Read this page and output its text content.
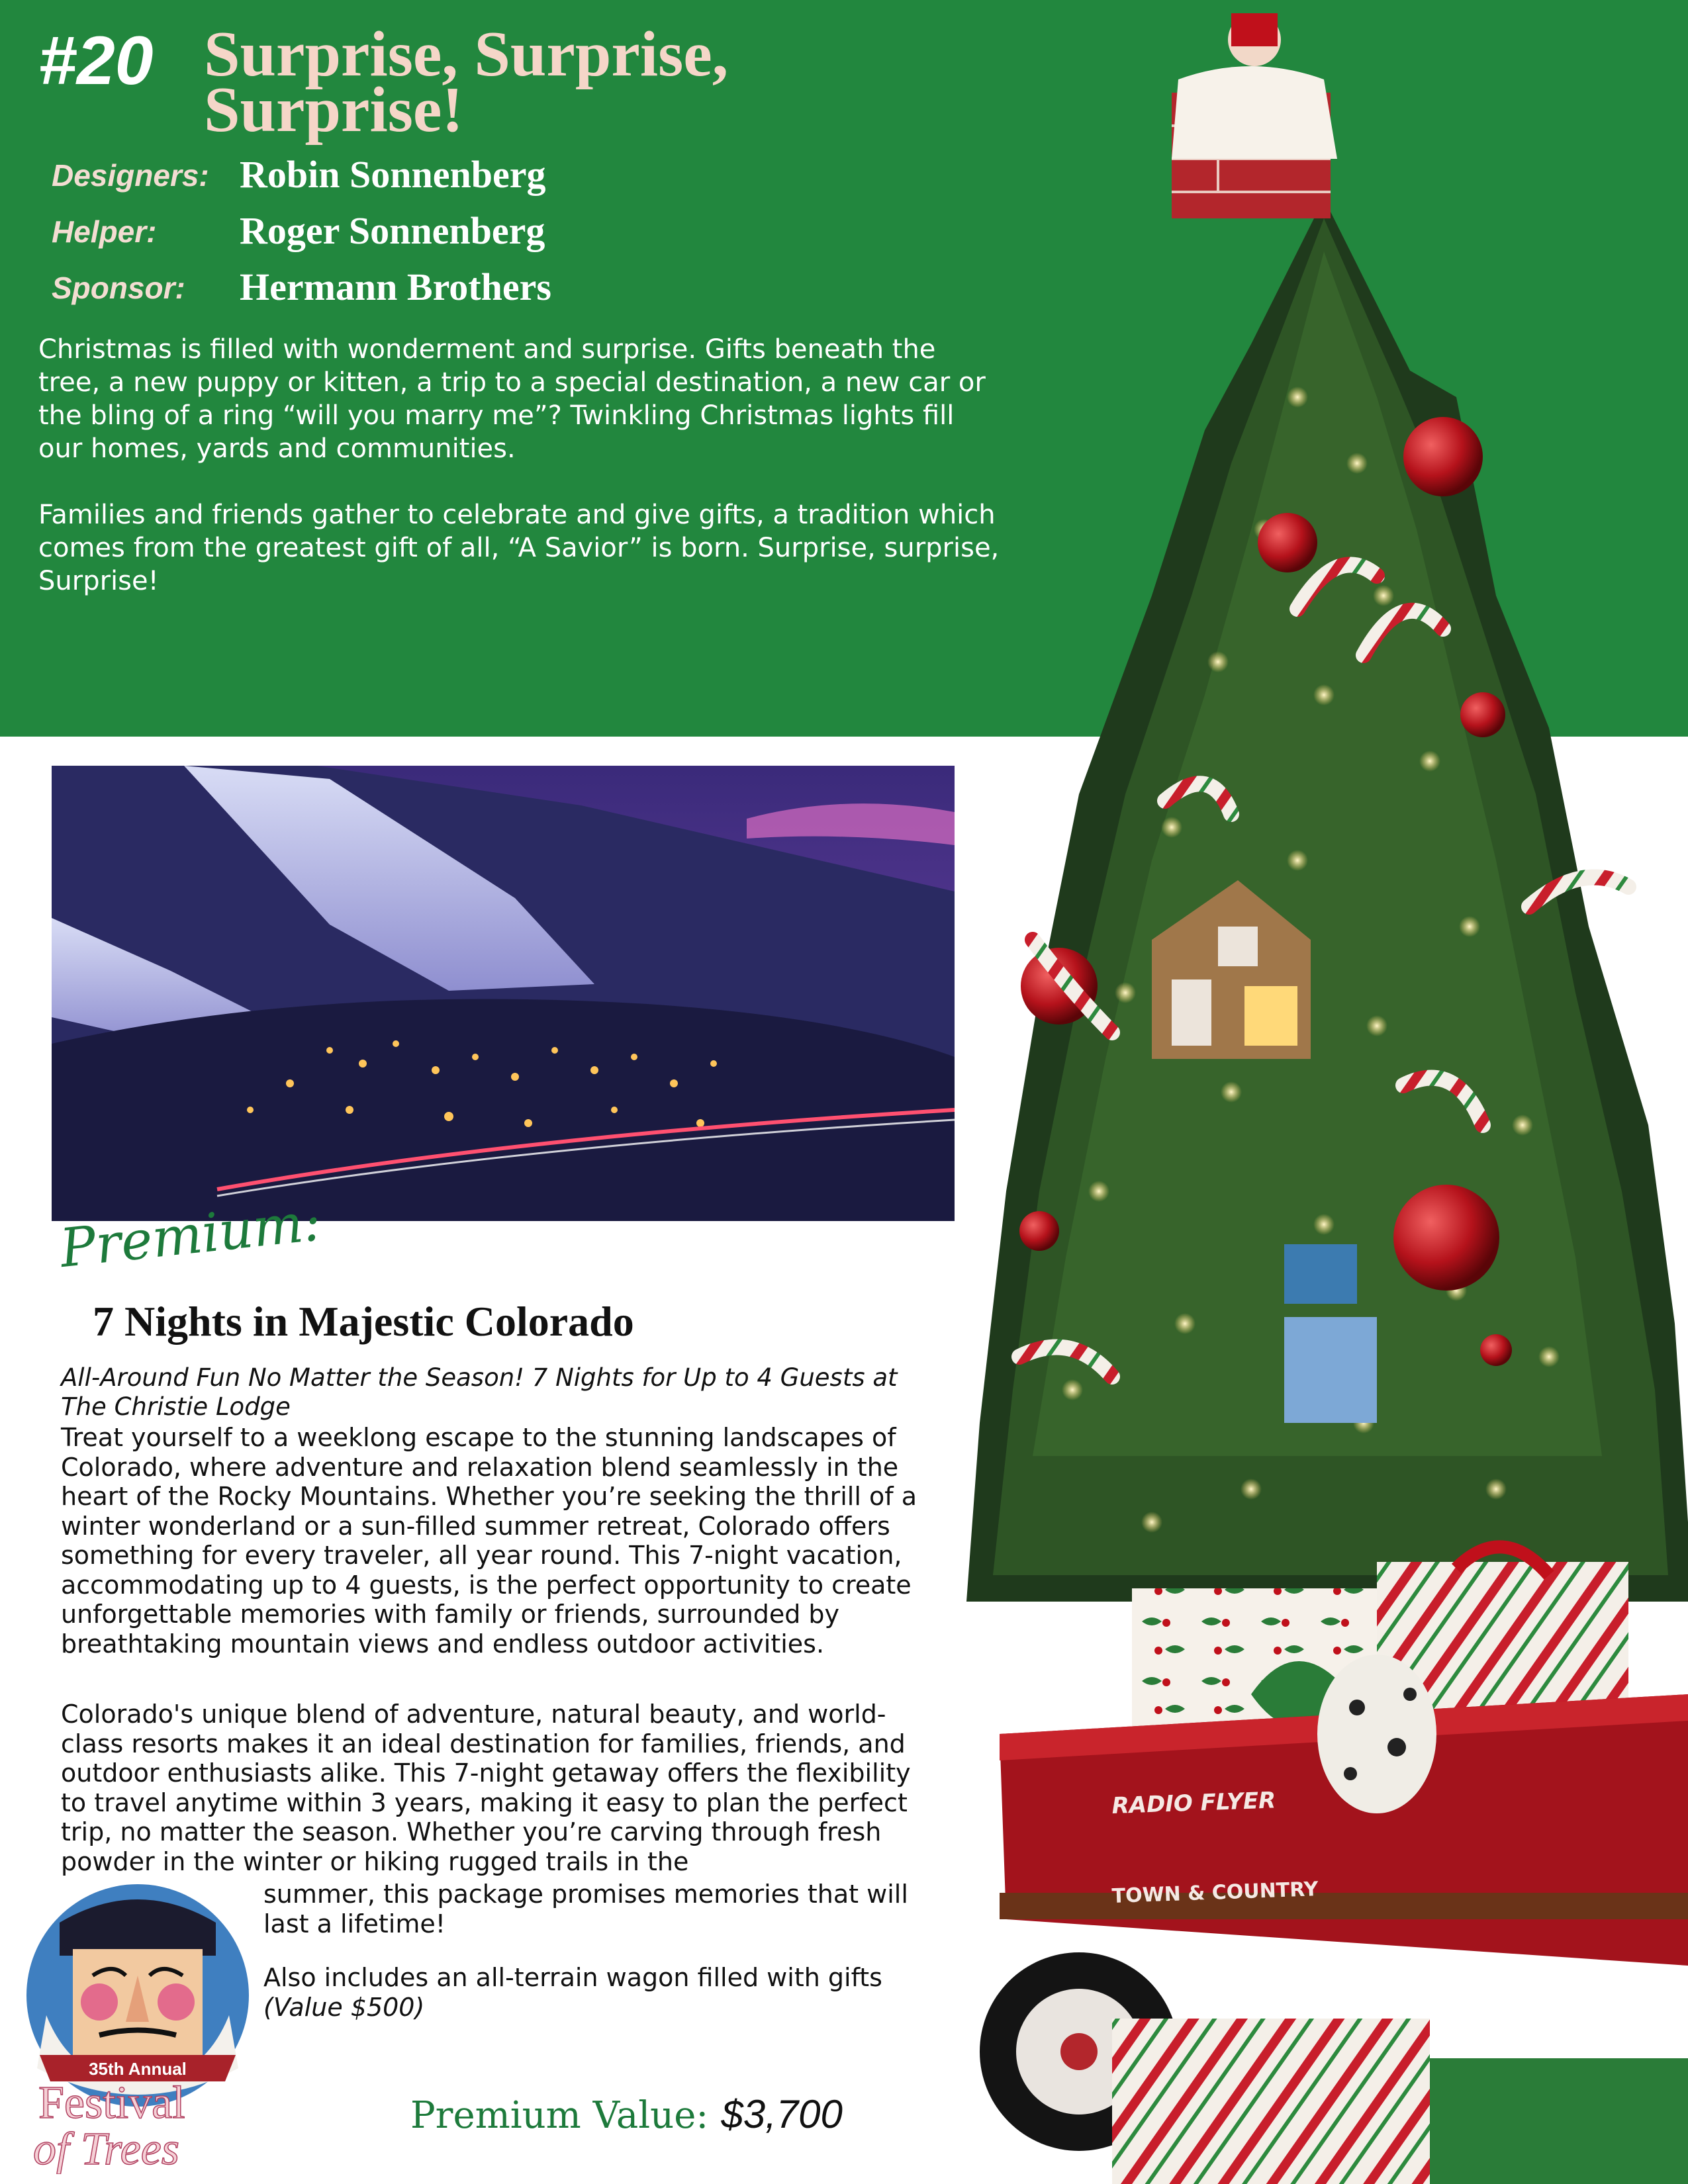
#20 Surprise, Surprise,
Surprise!
Designers: Robin Sonnenberg
Helper: Roger Sonnenberg
Sponsor: Hermann Brothers

Christmas is filled with wonderment and surprise. Gifts beneath the tree, a new puppy or kitten, a trip to a special destination, a new car or the bling of a ring “will you marry me”? Twinkling Christmas lights fill our homes, yards and communities.

Families and friends gather to celebrate and give gifts, a tradition which comes from the greatest gift of all, “A Savior” is born. Surprise, surprise, Surprise!

RADIO FLYER
TOWN & COUNTRY
Premium:
7 Nights in Majestic Colorado

All-Around Fun No Matter the Season! 7 Nights for Up to 4 Guests at The Christie Lodge

Treat yourself to a weeklong escape to the stunning landscapes of Colorado, where adventure and relaxation blend seamlessly in the heart of the Rocky Mountains. Whether you’re seeking the thrill of a winter wonderland or a sun-filled summer retreat, Colorado offers something for every traveler, all year round. This 7-night vacation, accommodating up to 4 guests, is the perfect opportunity to create unforgettable memories with family or friends, surrounded by breathtaking mountain views and endless outdoor activities.

Colorado's unique blend of adventure, natural beauty, and world-class resorts makes it an ideal destination for families, friends, and outdoor enthusiasts alike. This 7-night getaway offers the flexibility to travel anytime within 3 years, making it easy to plan the perfect trip, no matter the season. Whether you’re carving through fresh powder in the winter or hiking rugged trails in the

summer, this package promises memories that will last a lifetime!

Also includes an all-terrain wagon filled with gifts
(Value $500)

Premium Value: $3,700
35th Annual
Festival
of Trees
